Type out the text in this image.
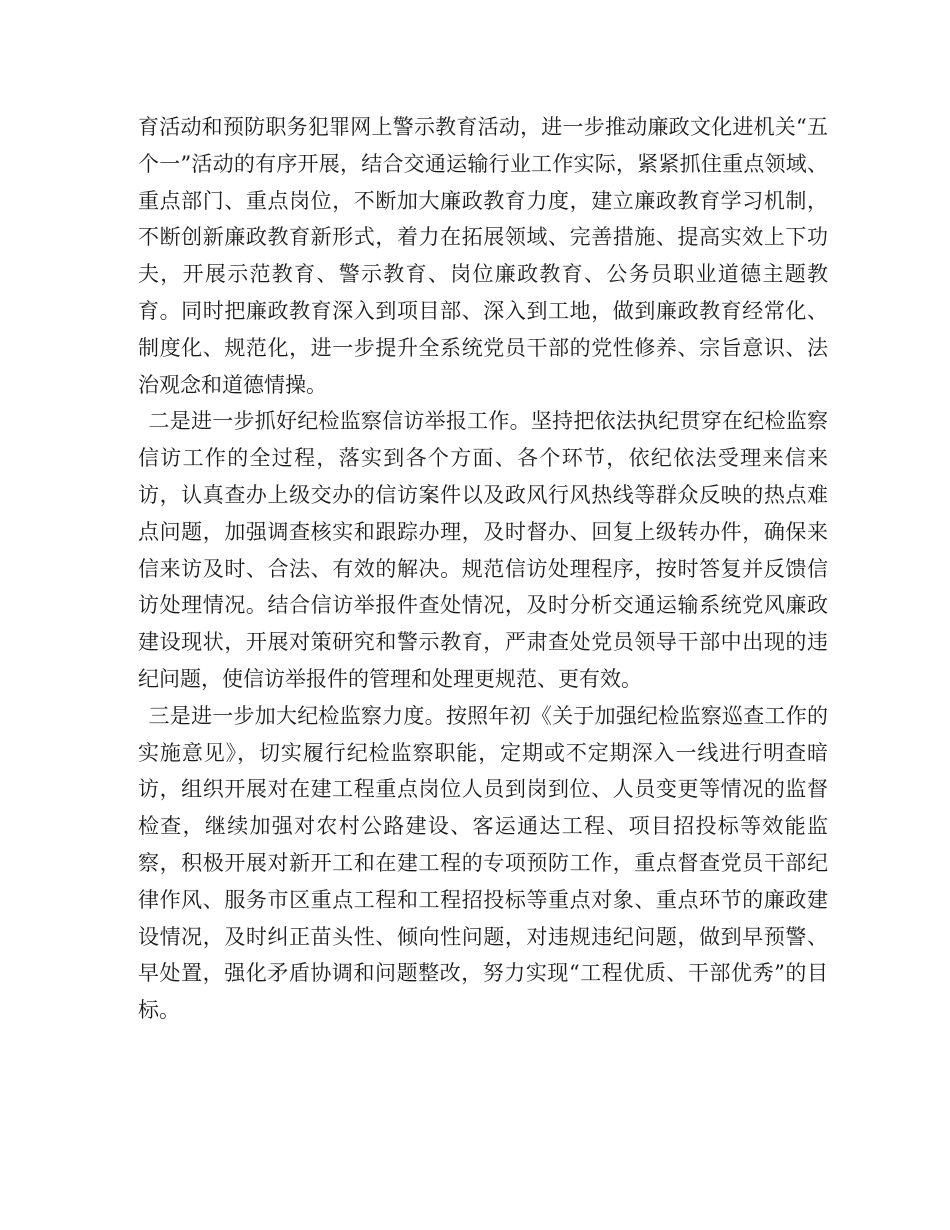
育活动和预防职务犯罪网上警示教育活动，进一步推动廉政文化进机关“五个一”活动的有序开展，结合交通运输行业工作实际，紧紧抓住重点领域、重点部门、重点岗位，不断加大廉政教育力度，建立廉政教育学习机制，不断创新廉政教育新形式，着力在拓展领域、完善措施、提高实效上下功夫，开展示范教育、警示教育、岗位廉政教育、公务员职业道德主题教育。同时把廉政教育深入到项目部、深入到工地，做到廉政教育经常化、制度化、规范化，进一步提升全系统党员干部的党性修养、宗旨意识、法治观念和道德情操。

二是进一步抓好纪检监察信访举报工作。坚持把依法执纪贯穿在纪检监察信访工作的全过程，落实到各个方面、各个环节，依纪依法受理来信来访，认真查办上级交办的信访案件以及政风行风热线等群众反映的热点难点问题，加强调查核实和跟踪办理，及时督办、回复上级转办件，确保来信来访及时、合法、有效的解决。规范信访处理程序，按时答复并反馈信访处理情况。结合信访举报件查处情况，及时分析交通运输系统党风廉政建设现状，开展对策研究和警示教育，严肃查处党员领导干部中出现的违纪问题，使信访举报件的管理和处理更规范、更有效。

三是进一步加大纪检监察力度。按照年初《关于加强纪检监察巡查工作的实施意见》，切实履行纪检监察职能，定期或不定期深入一线进行明查暗访，组织开展对在建工程重点岗位人员到岗到位、人员变更等情况的监督检查，继续加强对农村公路建设、客运通达工程、项目招投标等效能监察，积极开展对新开工和在建工程的专项预防工作，重点督查党员干部纪律作风、服务市区重点工程和工程招投标等重点对象、重点环节的廉政建设情况，及时纠正苗头性、倾向性问题，对违规违纪问题，做到早预警、早处置，强化矛盾协调和问题整改，努力实现“工程优质、干部优秀”的目标。
